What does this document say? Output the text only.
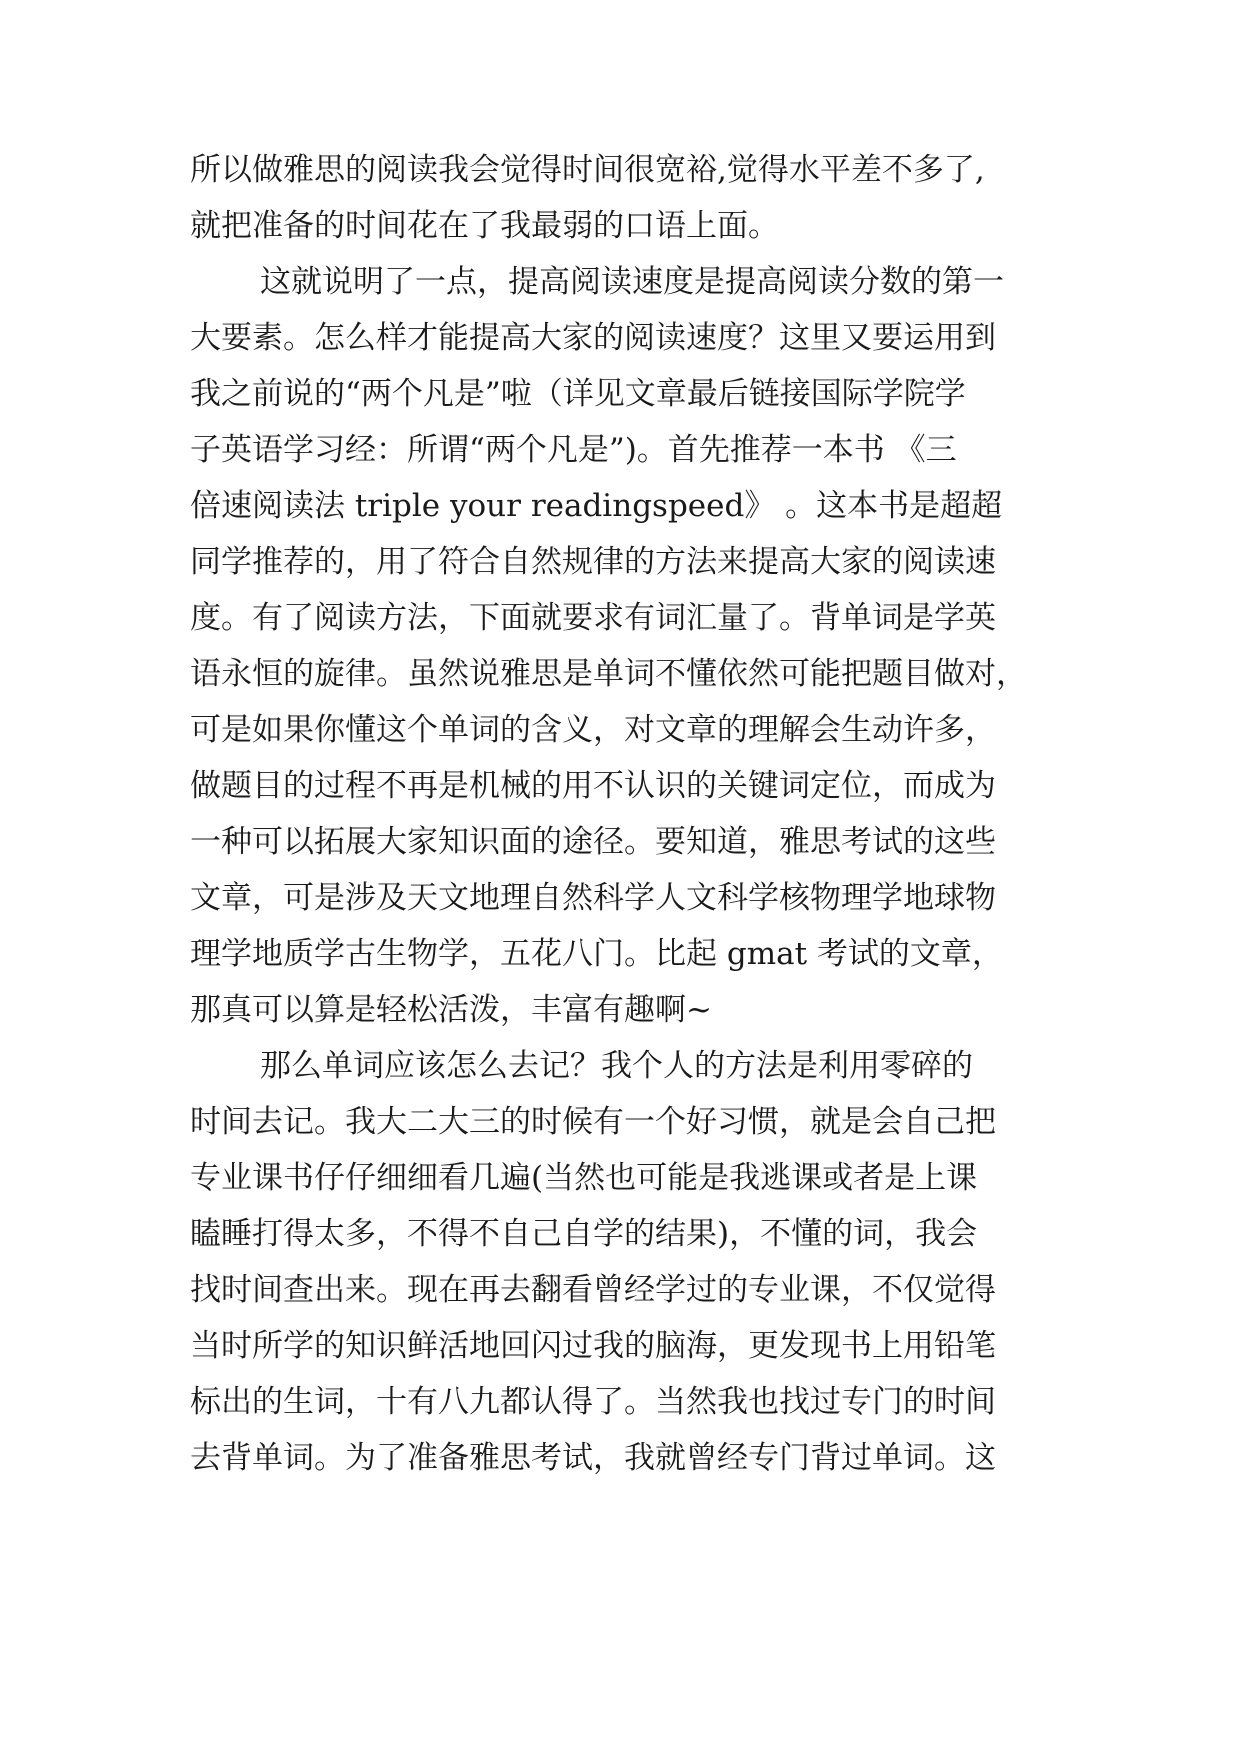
所以做雅思的阅读我会觉得时间很宽裕,觉得水平差不多了,
就把准备的时间花在了我最弱的口语上面。
这就说明了一点，提高阅读速度是提高阅读分数的第一
大要素。怎么样才能提高大家的阅读速度？这里又要运用到
我之前说的“两个凡是”啦（详见文章最后链接国际学院学
子英语学习经：所谓“两个凡是”)。首先推荐一本书 《三
倍速阅读法 triple your readingspeed》 。这本书是超超
同学推荐的，用了符合自然规律的方法来提高大家的阅读速
度。有了阅读方法，下面就要求有词汇量了。背单词是学英
语永恒的旋律。虽然说雅思是单词不懂依然可能把题目做对，
可是如果你懂这个单词的含义，对文章的理解会生动许多，
做题目的过程不再是机械的用不认识的关键词定位，而成为
一种可以拓展大家知识面的途径。要知道，雅思考试的这些
文章，可是涉及天文地理自然科学人文科学核物理学地球物
理学地质学古生物学，五花八门。比起 gmat 考试的文章，
那真可以算是轻松活泼，丰富有趣啊~
那么单词应该怎么去记？我个人的方法是利用零碎的
时间去记。我大二大三的时候有一个好习惯，就是会自己把
专业课书仔仔细细看几遍(当然也可能是我逃课或者是上课
瞌睡打得太多，不得不自己自学的结果)，不懂的词，我会
找时间查出来。现在再去翻看曾经学过的专业课，不仅觉得
当时所学的知识鲜活地回闪过我的脑海，更发现书上用铅笔
标出的生词，十有八九都认得了。当然我也找过专门的时间
去背单词。为了准备雅思考试，我就曾经专门背过单词。这
